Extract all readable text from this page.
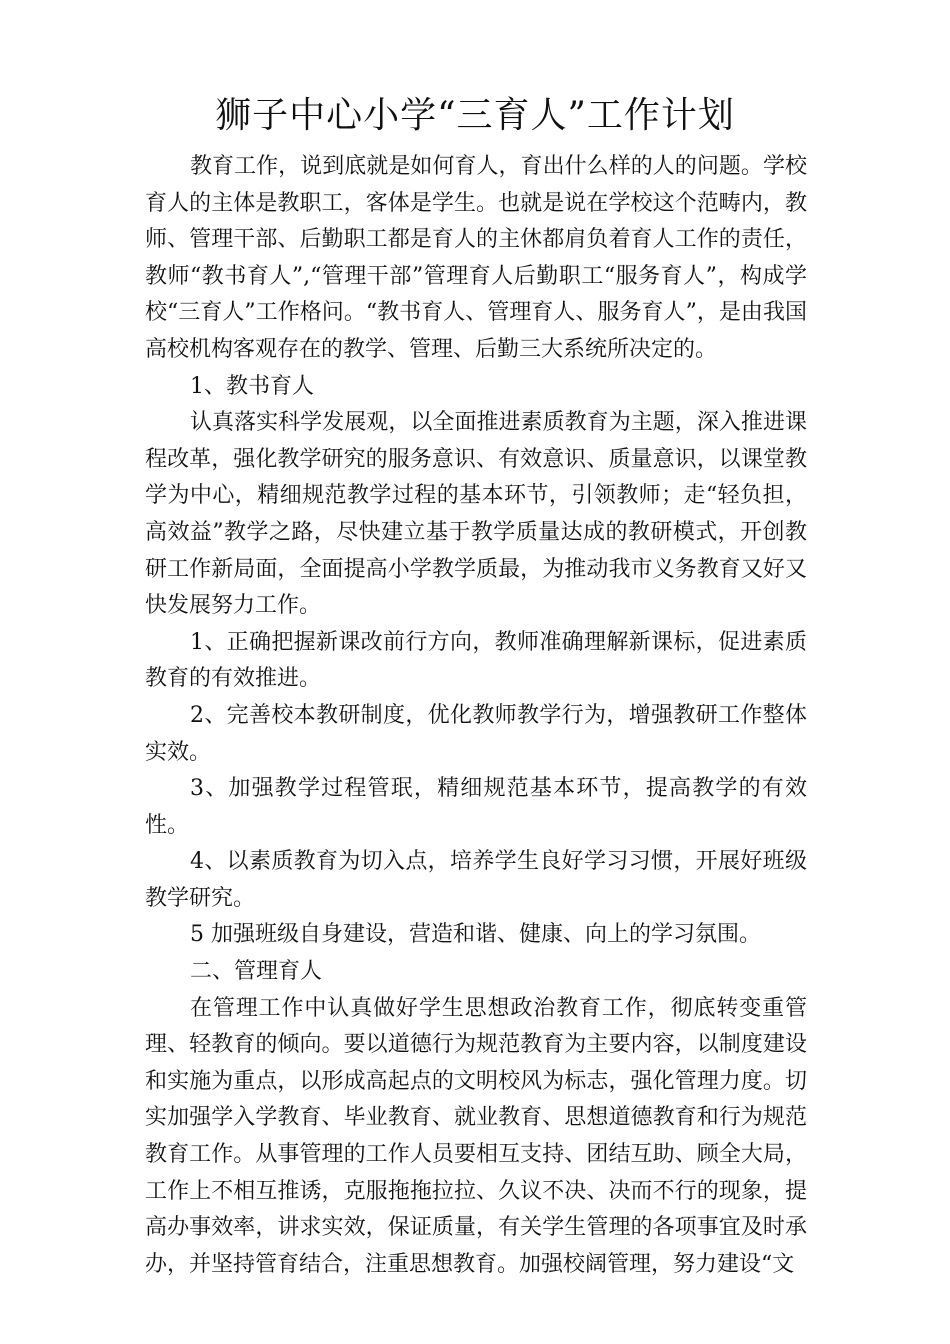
狮子中心小学“三育人”工作计划

教育工作，说到底就是如何育人，育出什么样的人的问题。学校育人的主体是教职工，客体是学生。也就是说在学校这个范畴内，教师、管理干部、后勤职工都是育人的主休都肩负着育人工作的责任，教师“教书育人”,“管理干部”管理育人后勤职工“服务育人”，构成学校“三育人”工作格问。“教书育人、管理育人、服务育人”，是由我国高校机构客观存在的教学、管理、后勤三大系统所决定的。

1、教书育人

认真落实科学发展观，以全面推进素质教育为主题，深入推进课程改革，强化教学研究的服务意识、有效意识、质量意识，以课堂教学为中心，精细规范教学过程的基本环节，引领教师；走“轻负担，高效益”教学之路，尽快建立基于教学质量达成的教研模式，开创教研工作新局面，全面提高小学教学质最，为推动我市义务教育又好又快发展努力工作。

1、正确把握新课改前行方向，教师准确理解新课标，促进素质教育的有效推进。

2、完善校本教研制度，优化教师教学行为，增强教研工作整体实效。

3、加强教学过程管珉，精细规范基本环节，提高教学的有效性。

4、以素质教育为切入点，培养学生良好学习习惯，开展好班级教学研究。

5 加强班级自身建设，营造和谐、健康、向上的学习氛围。

二、管理育人

在管理工作中认真做好学生思想政治教育工作，彻底转变重管理、轻教育的倾向。要以道德行为规范教育为主要内容，以制度建设和实施为重点，以形成高起点的文明校风为标志，强化管理力度。切实加强学入学教育、毕业教育、就业教育、思想道德教育和行为规范教育工作。从事管理的工作人员要相互支持、团结互助、顾全大局，工作上不相互推诱，克服拖拖拉拉、久议不决、决而不行的现象，提高办事效率，讲求实效，保证质量，有关学生管理的各项事宜及时承办，并坚持管育结合，注重思想教育。加强校阔管理，努力建设“文
